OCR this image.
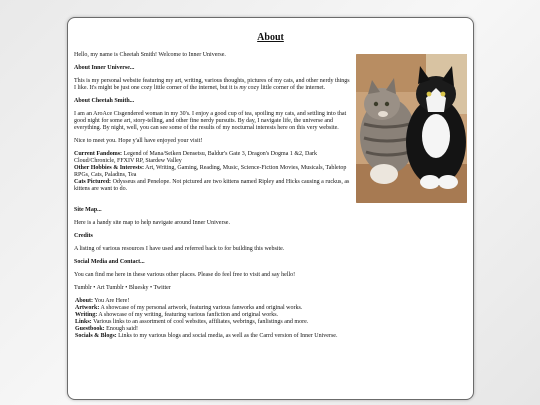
About

Hello, my name is Cheetah Smith! Welcome to Inner Universe.

About Inner Universe...

This is my personal website featuring my art, writing, various thoughts, pictures of my cats, and other nerdy things I like. It's might be just one cozy little corner of the internet, but it is my cozy little corner of the internet.

About Cheetah Smith...

I am an AroAce Cisgendered woman in my 30's. I enjoy a good cup of tea, spoiling my cats, and settling into that good night for some art, story-telling, and other fine nerdy pursuits. By day, I navigate life, the universe and everything. By night, well, you can see some of the results of my nocturnal interests here on this very website.

Nice to meet you. Hope y'all have enjoyed your visit!

Current Fandoms: Legend of Mana/Seiken Densetsu, Baldur's Gate 3, Dragon's Dogma 1 &2, Dark Cloud/Chronicle, FFXIV RP, Stardew Valley

Other Hobbies & Interests: Art, Writing, Gaming, Reading, Music, Science-Fiction Movies, Musicals, Tabletop RPGs, Cats, Paladins, Tea

Cats Pictured: Odysseus and Penelope. Not pictured are two kittens named Ripley and Hicks causing a ruckus, as kittens are want to do.

Site Map...

Here is a handy site map to help navigate around Inner Universe.

Credits

A listing of various resources I have used and referred back to for building this website.

Social Media and Contact...

You can find me here in these various other places. Please do feel free to visit and say hello!

Tumblr • Art Tumblr • Bluesky • Twitter

About: You Are Here!

Artwork: A showcase of my personal artwork, featuring various fanworks and original works.

Writing: A showcase of my writing, featuring various fanfiction and original works.

Links: Various links to an assortment of cool websites, affiliates, webrings, fanlistings and more.

Guestbook: Enough said!

Socials & Blogs: Links to my various blogs and social media, as well as the Carrd version of Inner Universe.
